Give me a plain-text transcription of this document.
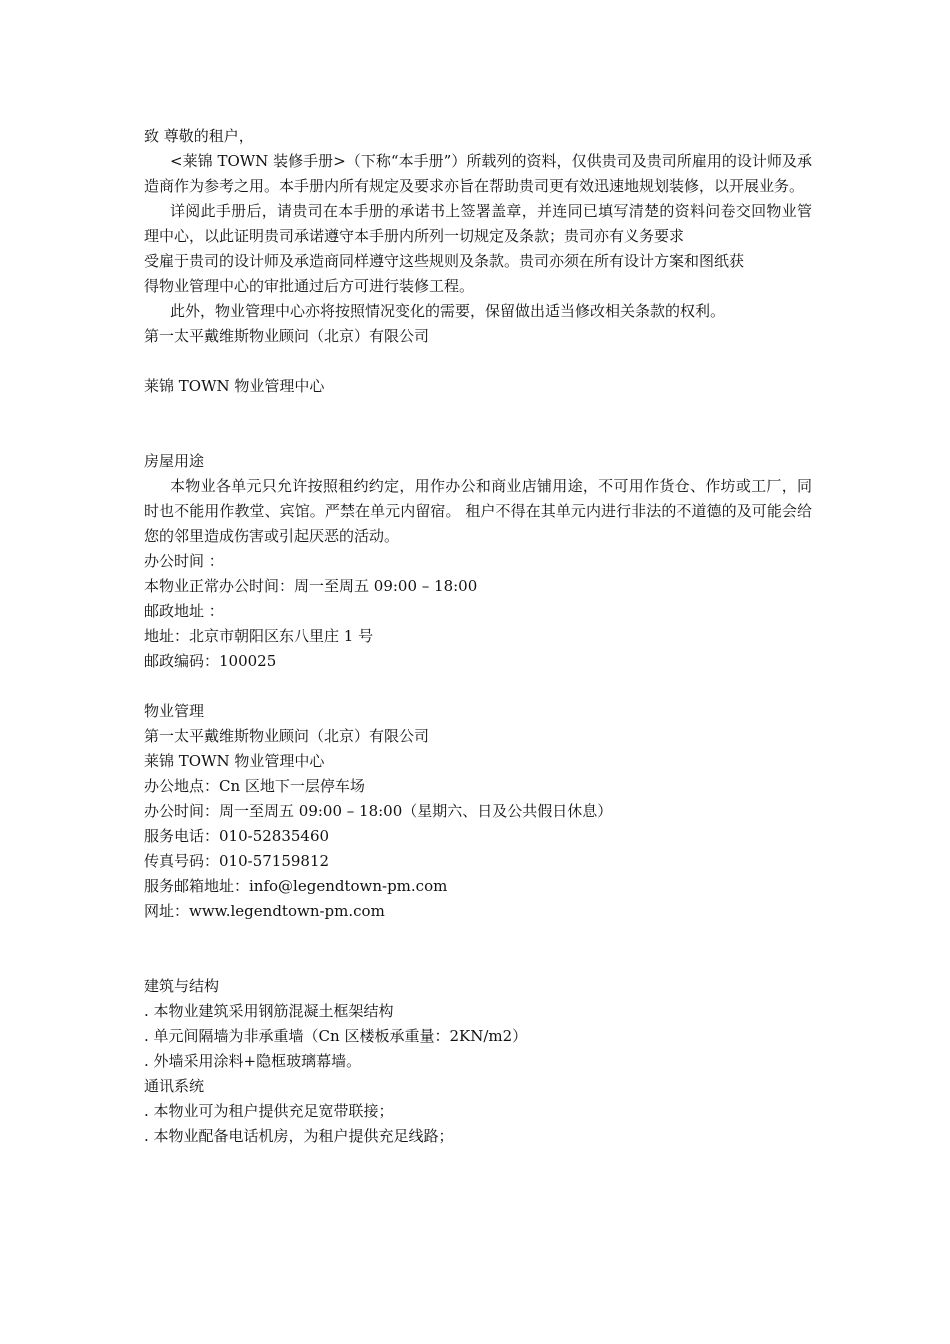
致 尊敬的租户，

<莱锦 TOWN 装修手册>（下称“本手册”）所载列的资料，仅供贵司及贵司所雇用的设计师及承造商作为参考之用。本手册内所有规定及要求亦旨在帮助贵司更有效迅速地规划装修，以开展业务。

详阅此手册后，请贵司在本手册的承诺书上签署盖章，并连同已填写清楚的资料问卷交回物业管理中心，以此证明贵司承诺遵守本手册内所列一切规定及条款；贵司亦有义务要求

受雇于贵司的设计师及承造商同样遵守这些规则及条款。贵司亦须在所有设计方案和图纸获

得物业管理中心的审批通过后方可进行装修工程。
此外，物业管理中心亦将按照情况变化的需要，保留做出适当修改相关条款的权利。
第一太平戴维斯物业顾问（北京）有限公司
莱锦 TOWN 物业管理中心
房屋用途

本物业各单元只允许按照租约约定，用作办公和商业店铺用途，不可用作货仓、作坊或工厂，同时也不能用作教堂、宾馆。严禁在单元内留宿。 租户不得在其单元内进行非法的不道德的及可能会给您的邻里造成伤害或引起厌恶的活动。

办公时间 ：
本物业正常办公时间：周一至周五 09:00 – 18:00
邮政地址 ：
地址：北京市朝阳区东八里庄 1 号
邮政编码：100025
物业管理
第一太平戴维斯物业顾问（北京）有限公司
莱锦 TOWN 物业管理中心
办公地点：Cn 区地下一层停车场
办公时间：周一至周五 09:00 – 18:00（星期六、日及公共假日休息）
服务电话：010-52835460
传真号码：010-57159812
服务邮箱地址：info@legendtown-pm.com
网址：www.legendtown-pm.com
建筑与结构
. 本物业建筑采用钢筋混凝土框架结构
. 单元间隔墙为非承重墙（Cn 区楼板承重量：2KN/m2）
. 外墙采用涂料+隐框玻璃幕墙。
通讯系统
. 本物业可为租户提供充足宽带联接；
. 本物业配备电话机房，为租户提供充足线路；
